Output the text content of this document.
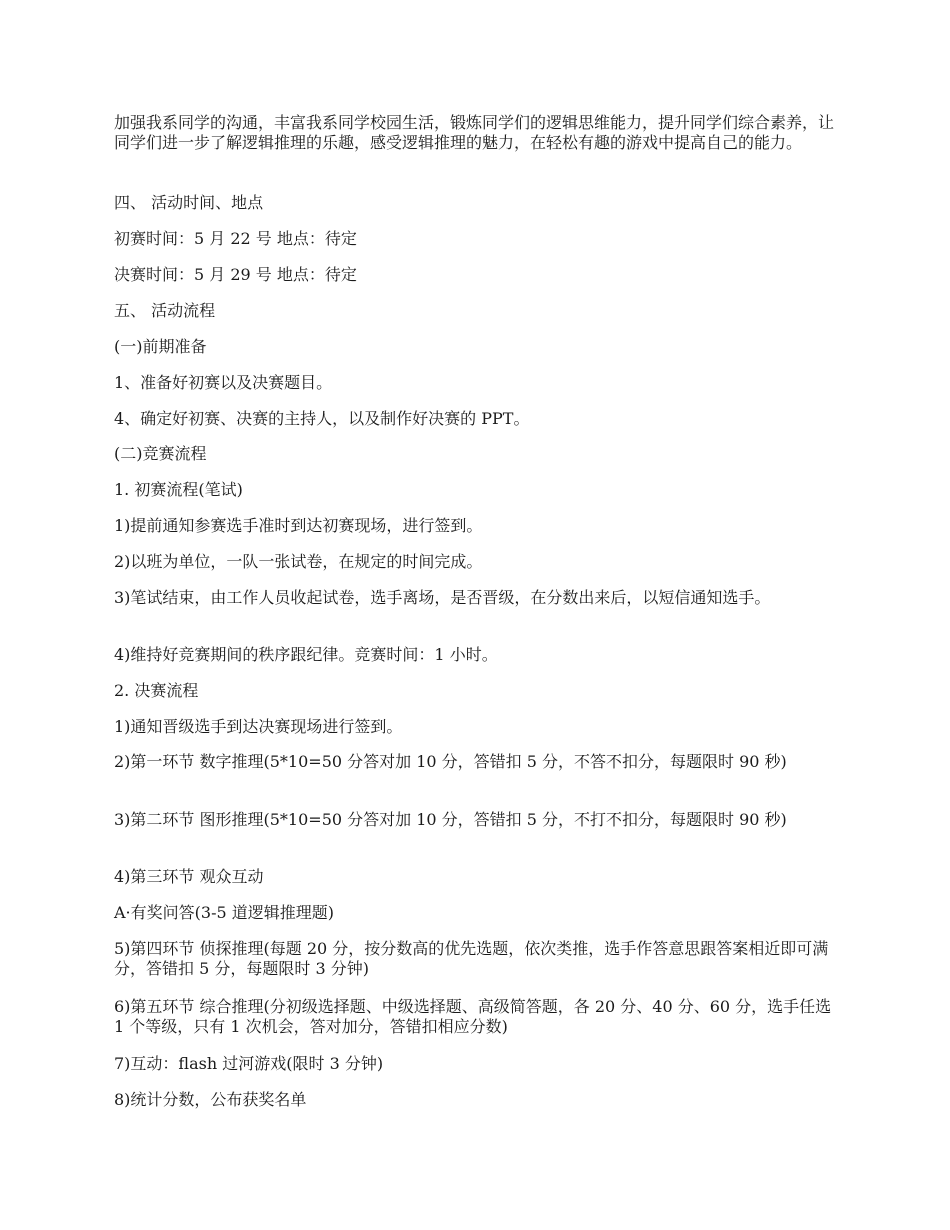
加强我系同学的沟通，丰富我系同学校园生活，锻炼同学们的逻辑思维能力，提升同学们综合素养，让同学们进一步了解逻辑推理的乐趣，感受逻辑推理的魅力，在轻松有趣的游戏中提高自己的能力。

四、 活动时间、地点

初赛时间：5 月 22 号 地点：待定

决赛时间：5 月 29 号 地点：待定

五、 活动流程

(一)前期准备

1、准备好初赛以及决赛题目。

4、确定好初赛、决赛的主持人，以及制作好决赛的 PPT。

(二)竞赛流程

1. 初赛流程(笔试)

1)提前通知参赛选手准时到达初赛现场，进行签到。

2)以班为单位，一队一张试卷，在规定的时间完成。

3)笔试结束，由工作人员收起试卷，选手离场，是否晋级，在分数出来后，以短信通知选手。

4)维持好竞赛期间的秩序跟纪律。竞赛时间：1 小时。

2. 决赛流程

1)通知晋级选手到达决赛现场进行签到。

2)第一环节 数字推理(5*10=50 分答对加 10 分，答错扣 5 分，不答不扣分，每题限时 90 秒)

3)第二环节 图形推理(5*10=50 分答对加 10 分，答错扣 5 分，不打不扣分，每题限时 90 秒)

4)第三环节 观众互动

A·有奖问答(3-5 道逻辑推理题)

5)第四环节 侦探推理(每题 20 分，按分数高的优先选题，依次类推，选手作答意思跟答案相近即可满分，答错扣 5 分，每题限时 3 分钟)

6)第五环节 综合推理(分初级选择题、中级选择题、高级简答题，各 20 分、40 分、60 分，选手任选 1 个等级，只有 1 次机会，答对加分，答错扣相应分数)

7)互动：flash 过河游戏(限时 3 分钟)

8)统计分数，公布获奖名单
